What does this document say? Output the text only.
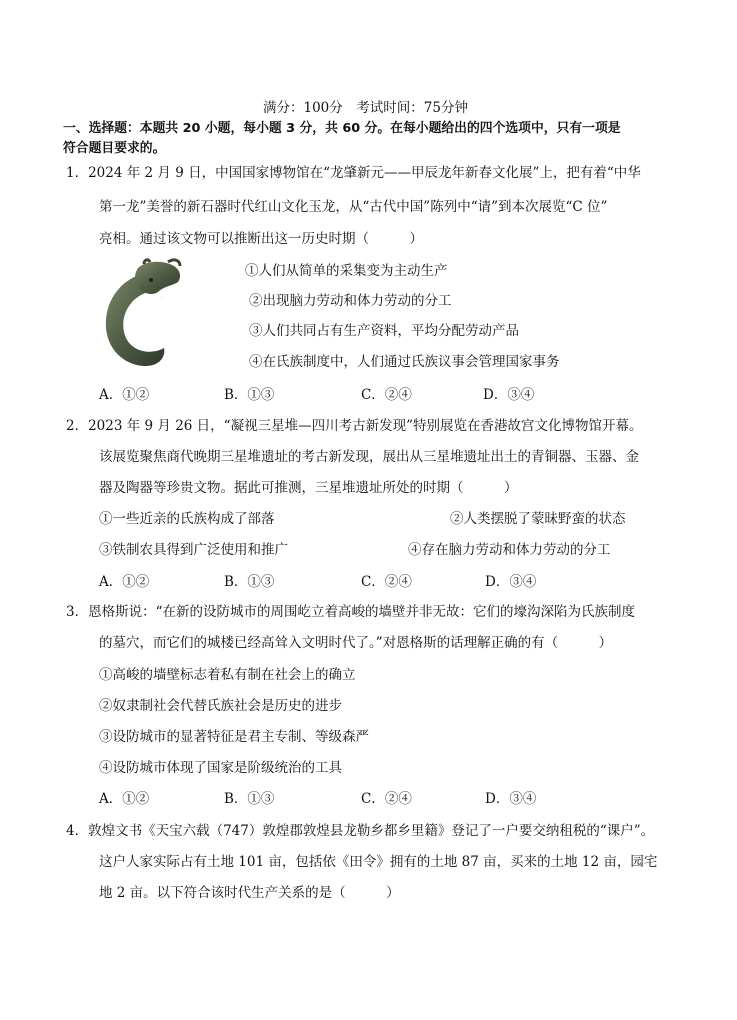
满分：100分　考试时间：75分钟
一、选择题：本题共 20 小题，每小题 3 分，共 60 分。在每小题给出的四个选项中，只有一项是
符合题目要求的。
1．2024 年 2 月 9 日，中国国家博物馆在“龙肇新元——甲辰龙年新春文化展”上，把有着“中华
第一龙”美誉的新石器时代红山文化玉龙，从“古代中国”陈列中“请”到本次展览“C 位”
亮相。通过该文物可以推断出这一历史时期（　　　）
①人们从简单的采集变为主动生产
②出现脑力劳动和体力劳动的分工
③人们共同占有生产资料，平均分配劳动产品
④在氏族制度中，人们通过氏族议事会管理国家事务
A．①②	B．①③	C．②④	D．③④
2．2023 年 9 月 26 日，“凝视三星堆—四川考古新发现”特别展览在香港故宫文化博物馆开幕。
该展览聚焦商代晚期三星堆遗址的考古新发现，展出从三星堆遗址出土的青铜器、玉器、金
器及陶器等珍贵文物。据此可推测，三星堆遗址所处的时期（　　　）
①一些近亲的氏族构成了部落	②人类摆脱了蒙昧野蛮的状态
③铁制农具得到广泛使用和推广	④存在脑力劳动和体力劳动的分工
A．①②	B．①③	C．②④	D．③④
3．恩格斯说：“在新的设防城市的周围屹立着高峻的墙壁并非无故：它们的壕沟深陷为氏族制度
的墓穴，而它们的城楼已经高耸入文明时代了。”对恩格斯的话理解正确的有（　　　）
①高峻的墙壁标志着私有制在社会上的确立
②奴隶制社会代替氏族社会是历史的进步
③设防城市的显著特征是君主专制、等级森严
④设防城市体现了国家是阶级统治的工具
A．①②	B．①③	C．②④	D．③④
4．敦煌文书《天宝六载（747）敦煌郡敦煌县龙勒乡都乡里籍》登记了一户要交纳租税的“课户”。
这户人家实际占有土地 101 亩，包括依《田令》拥有的土地 87 亩，买来的土地 12 亩，园宅
地 2 亩。以下符合该时代生产关系的是（　　　）
